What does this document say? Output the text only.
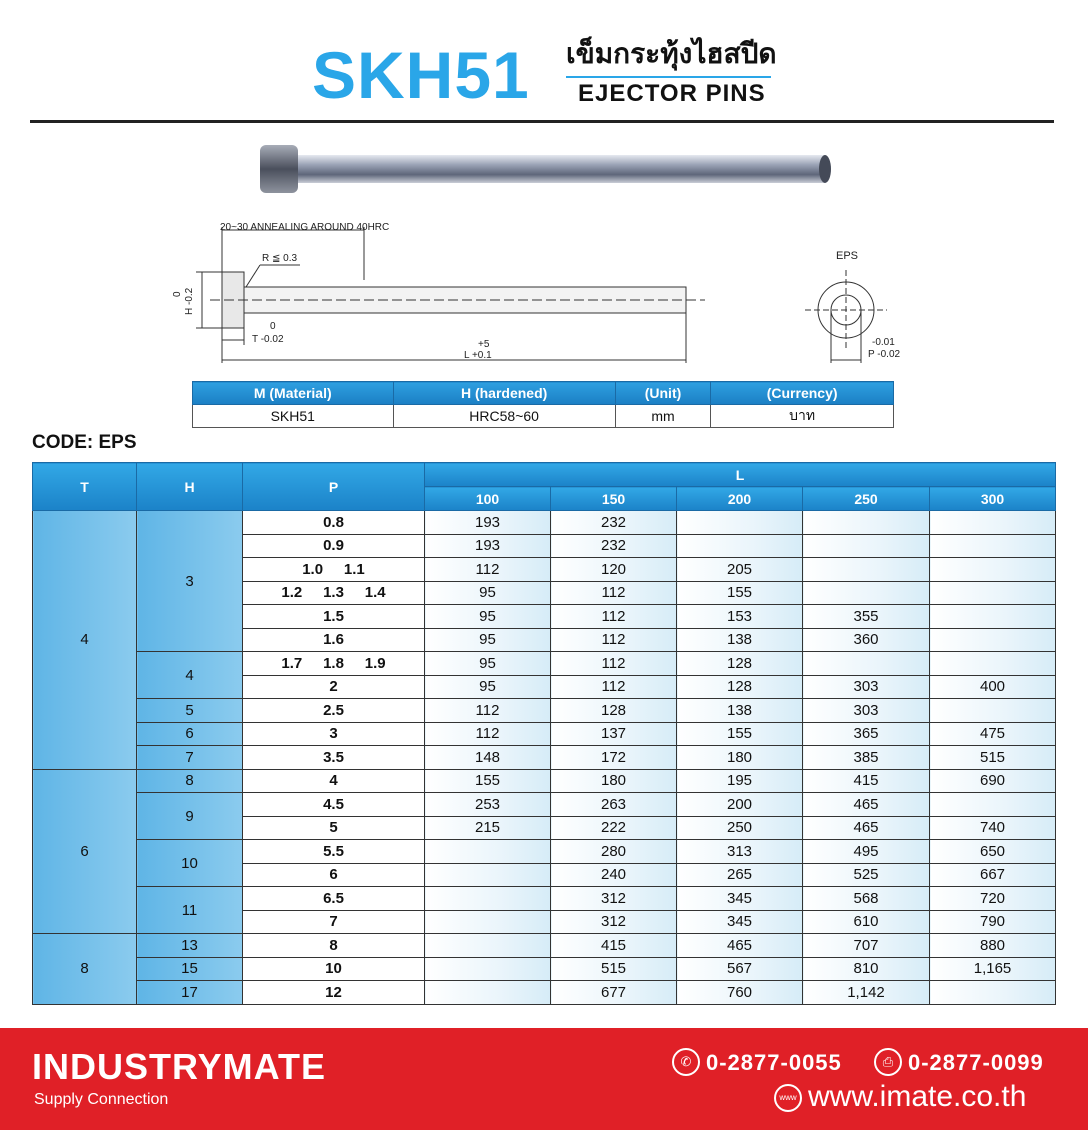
SKH51 เข็มกระทุ้งไฮสปีด
EJECTOR PINS
20~30 ANNEALING AROUND 40HRC
R ≦ 0.3
0 H -0.2
0
T -0.02	+5
L +0.1
EPS
-0.01
P -0.02
M (Material)	H (hardened)	(Unit)	(Currency)
SKH51	HRC58~60	mm	บาท
CODE: EPS
T	H	P	L				
			100	150	200	250	300
4	3	0.8	193	232			
		0.9	193	232			
		1.0     1.1	112	120	205		
		1.2     1.3     1.4	95	112	155		
		1.5	95	112	153	355	
		1.6	95	112	138	360	
	4	1.7     1.8     1.9	95	112	128		
		2	95	112	128	303	400
	5	2.5	112	128	138	303	
	6	3	112	137	155	365	475
	7	3.5	148	172	180	385	515
6	8	4	155	180	195	415	690
	9	4.5	253	263	200	465	
		5	215	222	250	465	740
	10	5.5		280	313	495	650
		6		240	265	525	667
	11	6.5		312	345	568	720
		7		312	345	610	790
8	13	8		415	465	707	880
	15	10		515	567	810	1,165
	17	12		677	760	1,142	
INDUSTRYMATE
Supply Connection
✆ 0-2877-0055	⎙ 0-2877-0099
www www.imate.co.th
